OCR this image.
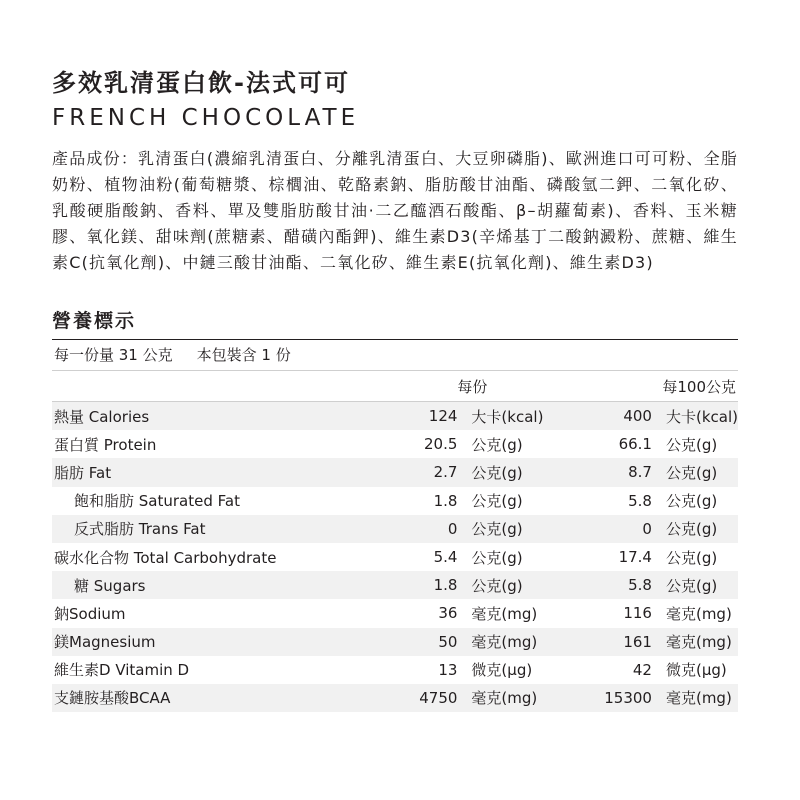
多效乳清蛋白飲-法式可可
FRENCH CHOCOLATE
產品成份：乳清蛋白(濃縮乳清蛋白、分離乳清蛋白、大豆卵磷脂)、歐洲進口可可粉、全脂奶粉、植物油粉(葡萄糖漿、棕櫚油、乾酪素鈉、脂肪酸甘油酯、磷酸氫二鉀、二氧化矽、乳酸硬脂酸鈉、香料、單及雙脂肪酸甘油·二乙醯酒石酸酯、β–胡蘿蔔素)、香料、玉米糖膠、氧化鎂、甜味劑(蔗糖素、醋磺內酯鉀)、維生素D3(辛烯基丁二酸鈉澱粉、蔗糖、維生素C(抗氧化劑)、中鏈三酸甘油酯、二氧化矽、維生素E(抗氧化劑)、維生素D3)
營養標示
每一份量 31 公克 本包裝含 1 份
		每份	每100公克	
熱量 Calories	124	大卡(kcal)	400	大卡(kcal)
蛋白質 Protein	20.5	公克(g)	66.1	公克(g)
脂肪 Fat	2.7	公克(g)	8.7	公克(g)
飽和脂肪 Saturated Fat	1.8	公克(g)	5.8	公克(g)
反式脂肪 Trans Fat	0	公克(g)	0	公克(g)
碳水化合物 Total Carbohydrate	5.4	公克(g)	17.4	公克(g)
糖 Sugars	1.8	公克(g)	5.8	公克(g)
鈉Sodium	36	毫克(mg)	116	毫克(mg)
鎂Magnesium	50	毫克(mg)	161	毫克(mg)
維生素D Vitamin D	13	微克(μg)	42	微克(μg)
支鏈胺基酸BCAA	4750	毫克(mg)	15300	毫克(mg)
